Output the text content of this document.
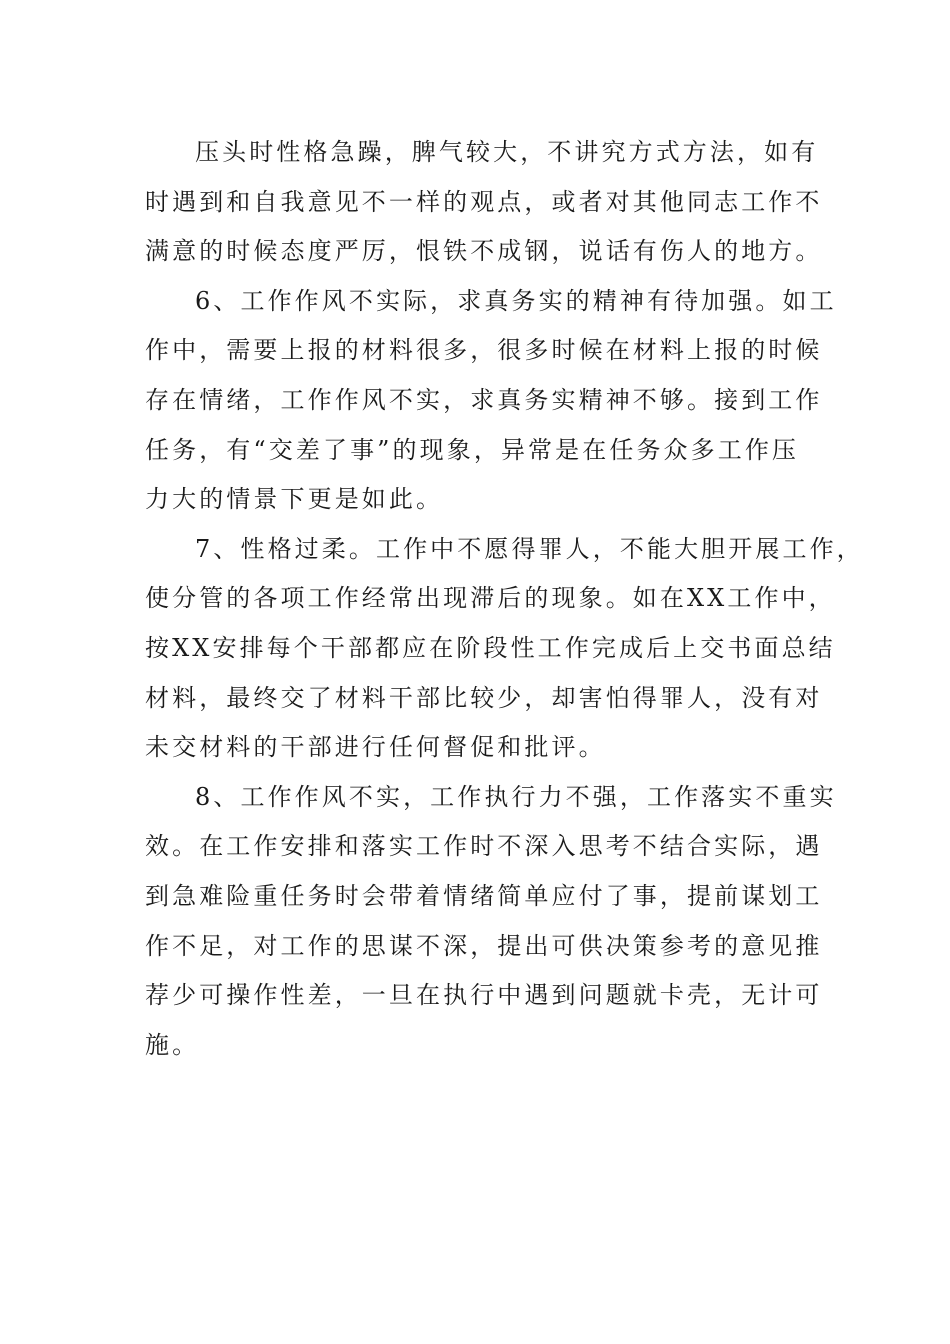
压头时性格急躁，脾气较大，不讲究方式方法，如有
时遇到和自我意见不一样的观点，或者对其他同志工作不
满意的时候态度严厉，恨铁不成钢，说话有伤人的地方。
6、工作作风不实际，求真务实的精神有待加强。如工
作中，需要上报的材料很多，很多时候在材料上报的时候
存在情绪，工作作风不实，求真务实精神不够。接到工作
任务，有“交差了事”的现象，异常是在任务众多工作压
力大的情景下更是如此。
7、性格过柔。工作中不愿得罪人，不能大胆开展工作，
使分管的各项工作经常出现滞后的现象。如在XX工作中，
按XX安排每个干部都应在阶段性工作完成后上交书面总结
材料，最终交了材料干部比较少，却害怕得罪人，没有对
未交材料的干部进行任何督促和批评。
8、工作作风不实，工作执行力不强，工作落实不重实
效。在工作安排和落实工作时不深入思考不结合实际，遇
到急难险重任务时会带着情绪简单应付了事，提前谋划工
作不足，对工作的思谋不深，提出可供决策参考的意见推
荐少可操作性差，一旦在执行中遇到问题就卡壳，无计可
施。
